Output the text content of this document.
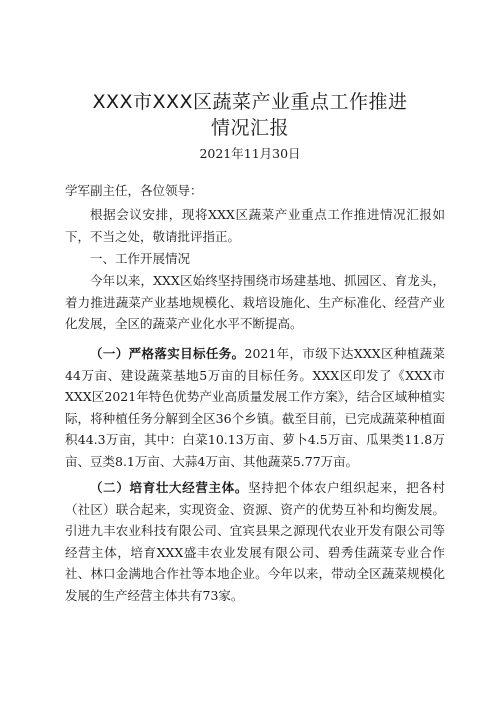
XXX市XXX区蔬菜产业重点工作推进
情况汇报
2021年11月30日

学军副主任，各位领导：

根据会议安排，现将XXX区蔬菜产业重点工作推进情况汇报如下，不当之处，敬请批评指正。

一、工作开展情况

今年以来，XXX区始终坚持围绕市场建基地、抓园区、育龙头，着力推进蔬菜产业基地规模化、栽培设施化、生产标准化、经营产业化发展，全区的蔬菜产业化水平不断提高。

（一）严格落实目标任务。2021年，市级下达XXX区种植蔬菜44万亩、建设蔬菜基地5万亩的目标任务。XXX区印发了《XXX市XXX区2021年特色优势产业高质量发展工作方案》，结合区域种植实际，将种植任务分解到全区36个乡镇。截至目前，已完成蔬菜种植面积44.3万亩，其中：白菜10.13万亩、萝卜4.5万亩、瓜果类11.8万亩、豆类8.1万亩、大蒜4万亩、其他蔬菜5.77万亩。

（二）培育壮大经营主体。坚持把个体农户组织起来，把各村（社区）联合起来，实现资金、资源、资产的优势互补和均衡发展。引进九丰农业科技有限公司、宜宾县果之源现代农业开发有限公司等经营主体，培育XXX盛丰农业发展有限公司、碧秀佳蔬菜专业合作社、林口金满地合作社等本地企业。今年以来，带动全区蔬菜规模化发展的生产经营主体共有73家。
